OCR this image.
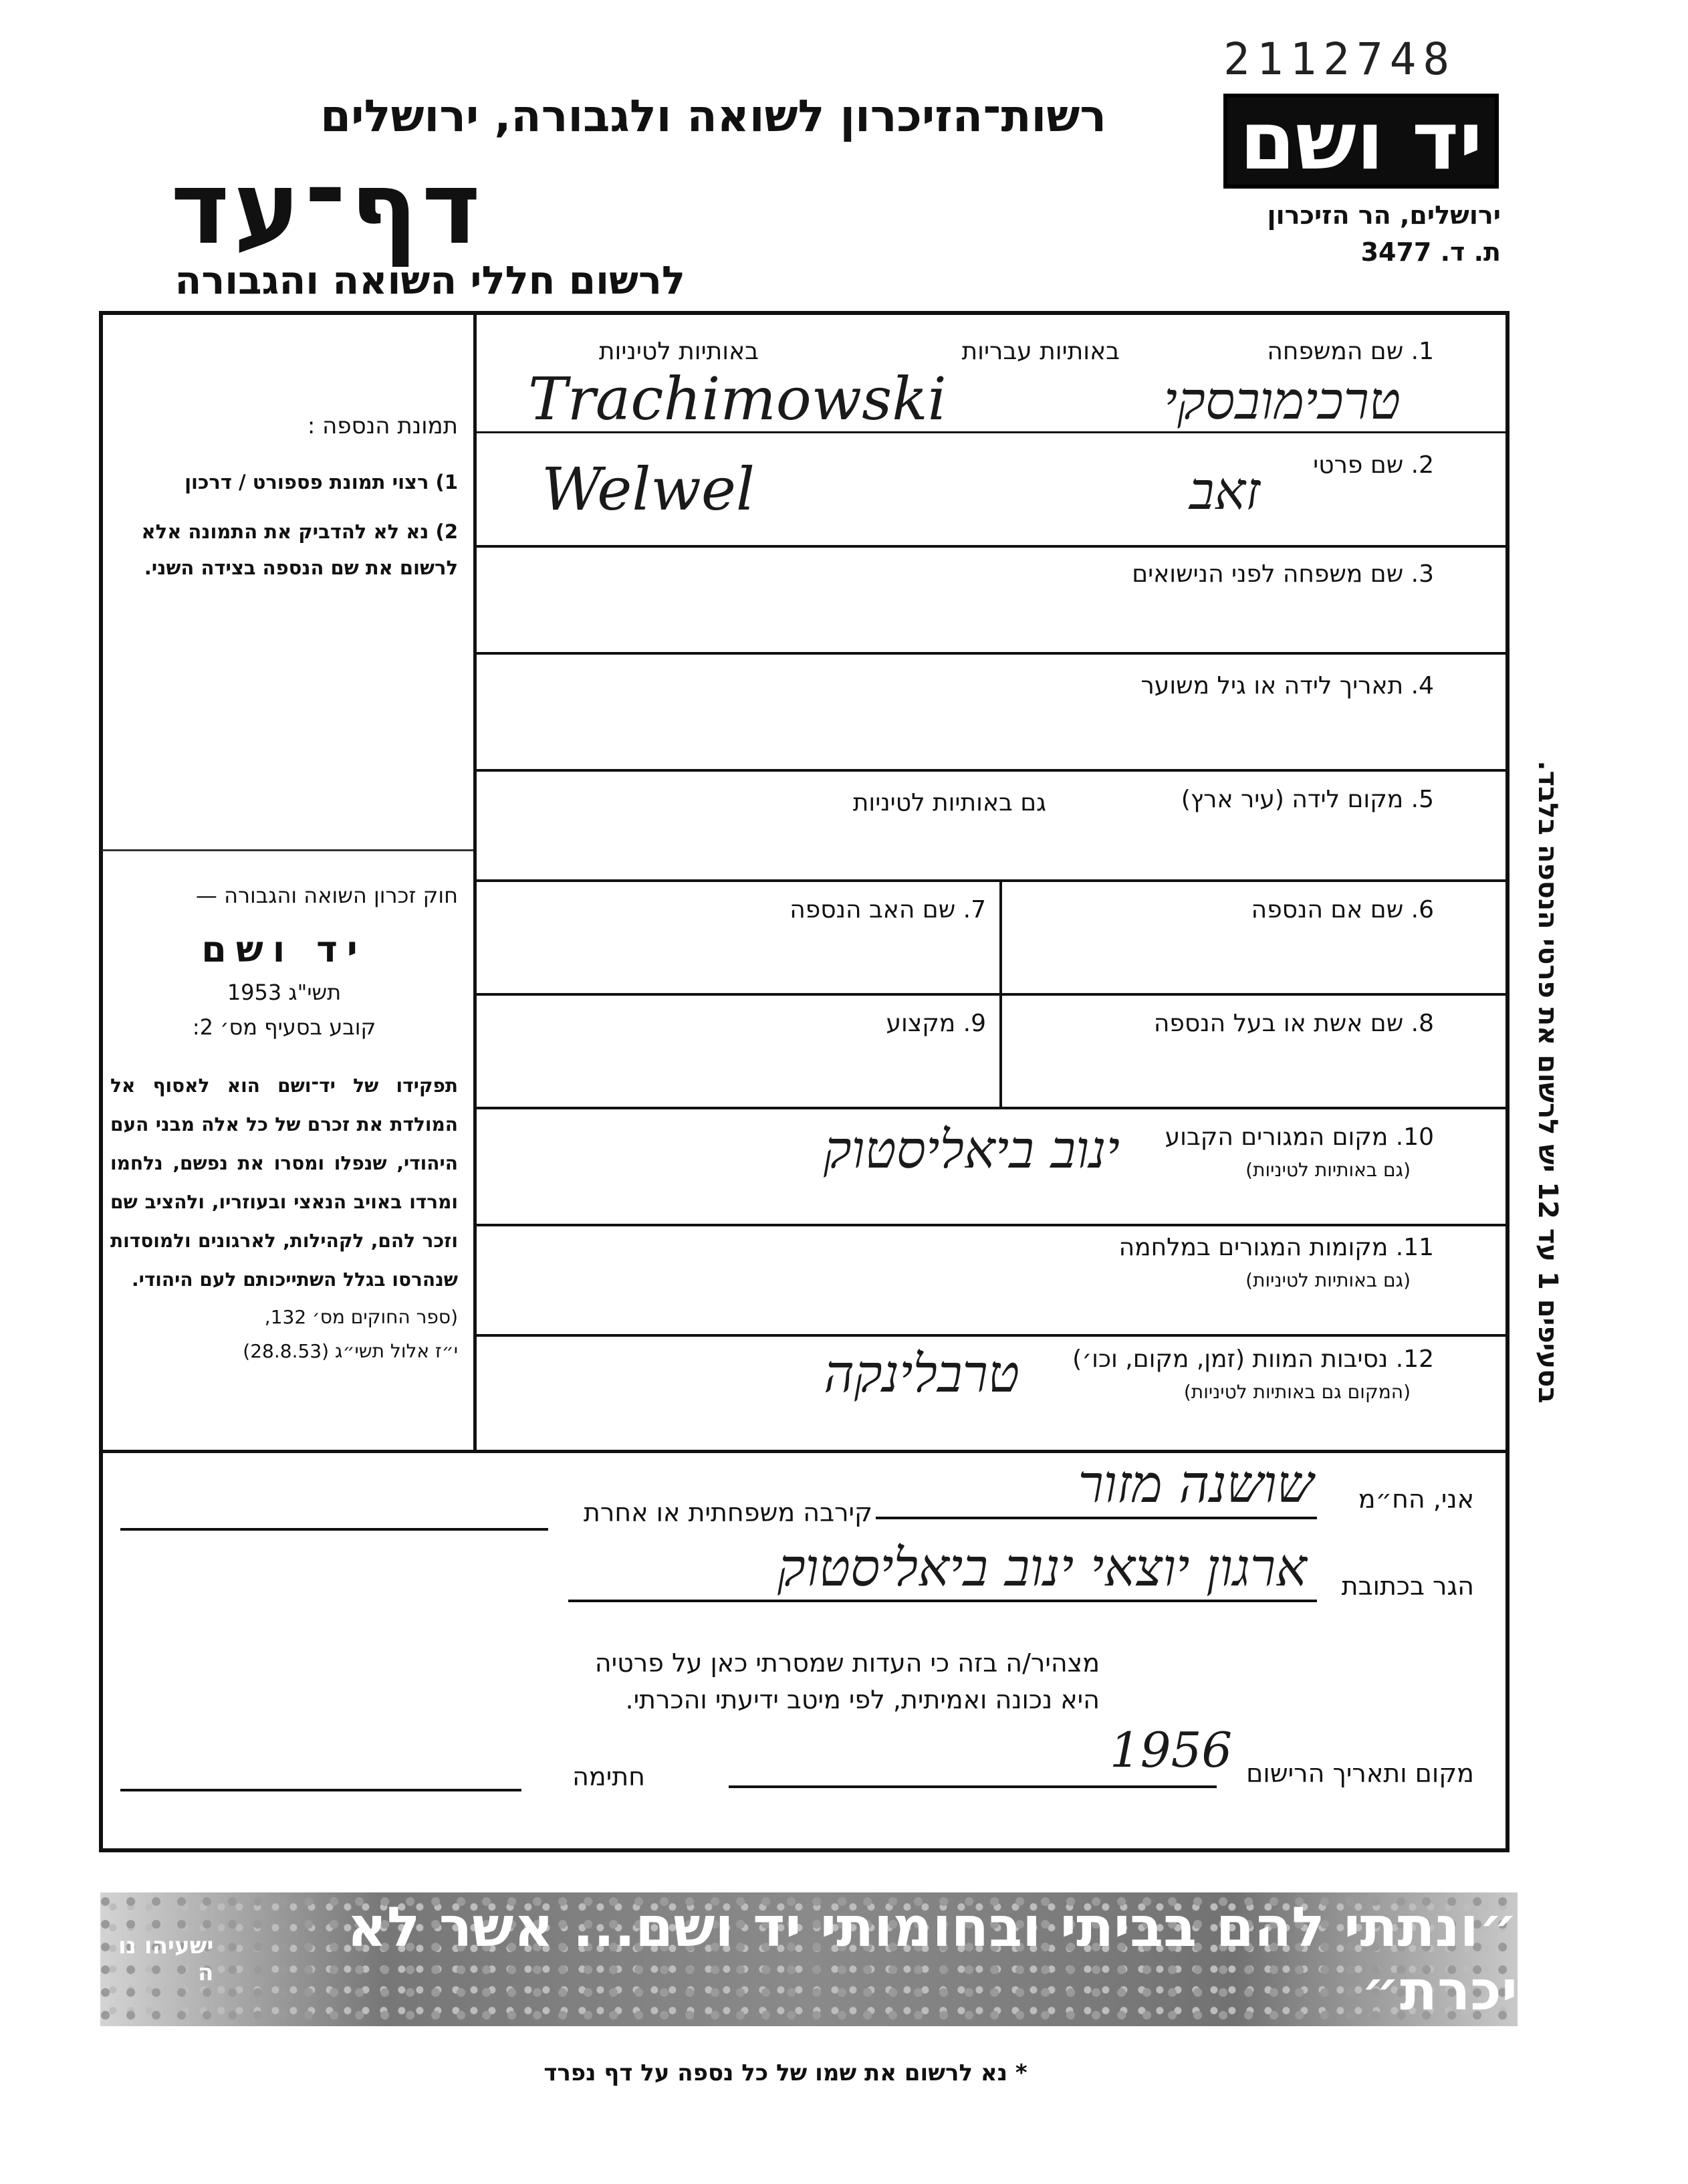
2112748
יד ושם
רשות־הזיכרון לשואה ולגבורה, ירושלים
דף־עד
לרשום חללי השואה והגבורה
ירושלים, הר הזיכרון
ת. ד. 3477
תמונת הנספה :
1) רצוי תמונת פספורט / דרכון
2) נא לא להדביק את התמונה אלא לרשום את שם הנספה בצידה השני.
חוק זכרון השואה והגבורה —
יד ושם
תשי"ג 1953
קובע בסעיף מס׳ 2:
תפקידו של יד־ושם הוא לאסוף אל המולדת את זכרם של כל אלה מבני העם היהודי, שנפלו ומסרו את נפשם, נלחמו ומרדו באויב הנאצי ובעוזריו, ולהציב שם וזכר להם, לקהילות, לארגונים ולמוסדות שנהרסו בגלל השתייכותם לעם היהודי.
(ספר החוקים מס׳ 132,
י״ז אלול תשי״ג (28.8.53)
1. שם המשפחה
באותיות עבריות
באותיות לטיניות
טרכימובסקי
Trachimowski
2. שם פרטי
זאב
Welwel
3. שם משפחה לפני הנישואים
4. תאריך לידה או גיל משוער
5. מקום לידה (עיר ארץ)
גם באותיות לטיניות
6. שם אם הנספה
7. שם האב הנספה
8. שם אשת או בעל הנספה
9. מקצוע
10. מקום המגורים הקבוע
(גם באותיות לטיניות)
ינוב ביאליסטוק
11. מקומות המגורים במלחמה
(גם באותיות לטיניות)
12. נסיבות המוות (זמן, מקום, וכו׳)
(המקום גם באותיות לטיניות)
טרבלינקה
אני, הח״מ
שושנה מזור
קירבה משפחתית או אחרת
הגר בכתובת
ארגון יוצאי ינוב ביאליסטוק
מצהיר/ה בזה כי העדות שמסרתי כאן על פרטיה
היא נכונה ואמיתית, לפי מיטב ידיעתי והכרתי.
מקום ותאריך הרישום
1956
חתימה
בסעיפים 1 עד 12 יש לרשום את פרטי הנספה בלבד.
״ונתתי להם בביתי ובחומותי יד ושם... אשר לא יכרת״
ישעיהו נו ה
* נא לרשום את שמו של כל נספה על דף נפרד
